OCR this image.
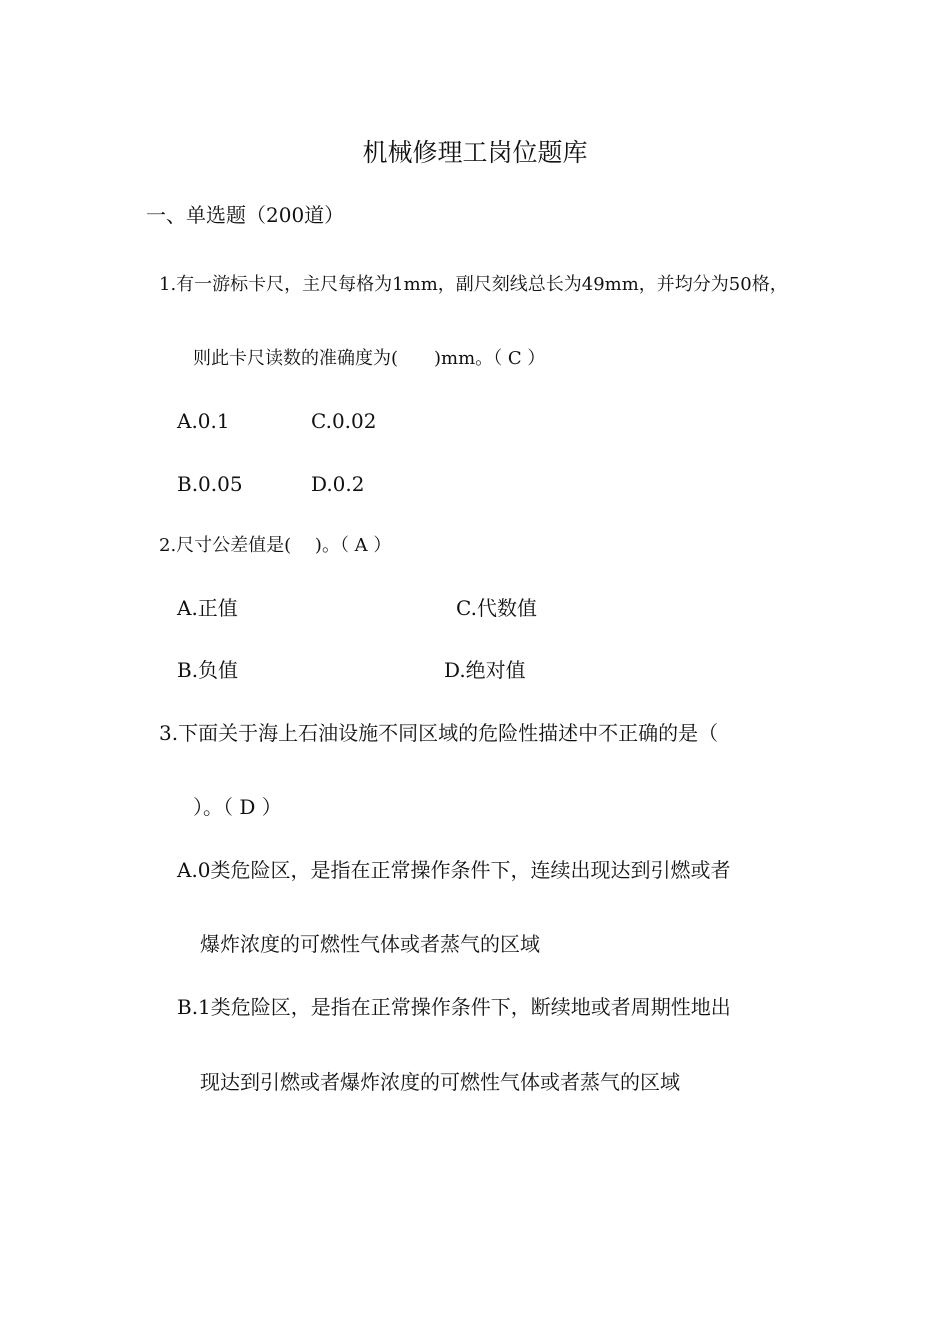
机械修理工岗位题库
一、单选题（200道）
1.有一游标卡尺，主尺每格为1mm，副尺刻线总长为49mm，并均分为50格，
则此卡尺读数的准确度为(　　)mm。（ C ）
A.0.1	C.0.02
B.0.05	D.0.2
2.尺寸公差值是(　 )。（ A ）
A.正值	C.代数值
B.负值	D.绝对值
3.下面关于海上石油设施不同区域的危险性描述中不正确的是（
）。（ D ）
A.0类危险区，是指在正常操作条件下，连续出现达到引燃或者
爆炸浓度的可燃性气体或者蒸气的区域
B.1类危险区，是指在正常操作条件下，断续地或者周期性地出
现达到引燃或者爆炸浓度的可燃性气体或者蒸气的区域
